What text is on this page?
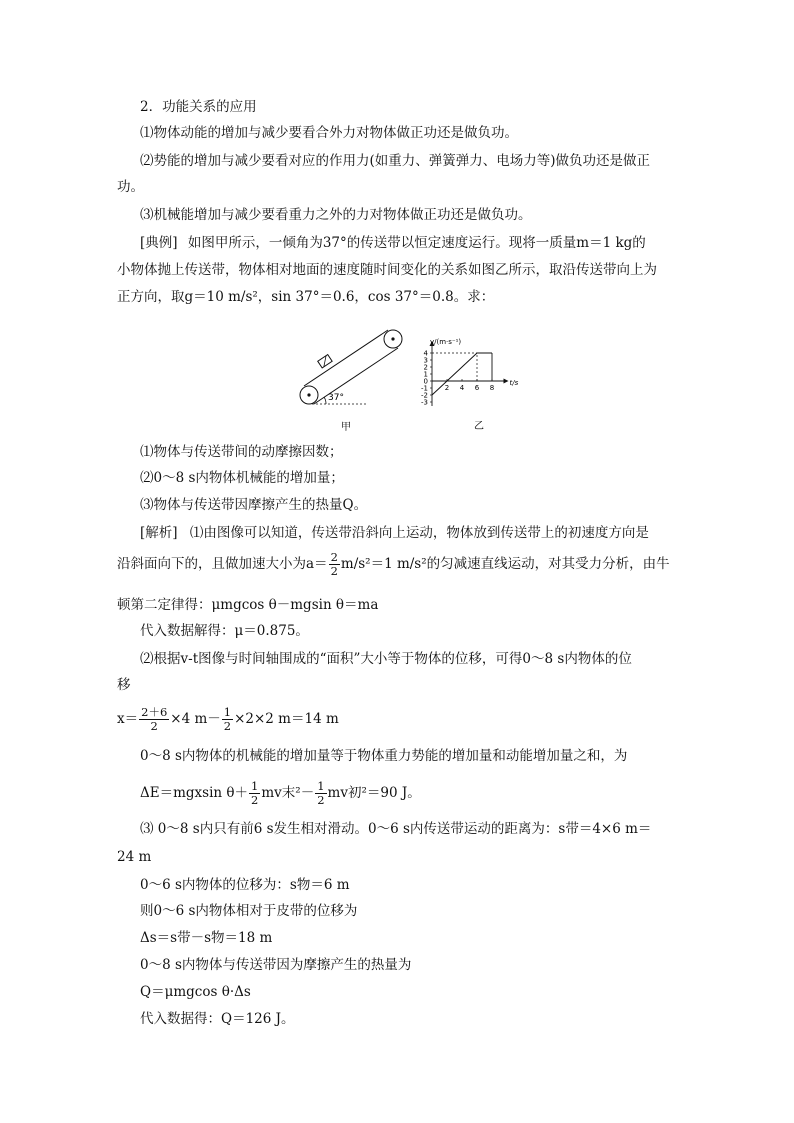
2．功能关系的应用
⑴物体动能的增加与减少要看合外力对物体做正功还是做负功。
⑵势能的增加与减少要看对应的作用力(如重力、弹簧弹力、电场力等)做负功还是做正
功。
⑶机械能增加与减少要看重力之外的力对物体做正功还是做负功。
[典例] 如图甲所示，一倾角为37°的传送带以恒定速度运行。现将一质量m＝1 kg的
小物体抛上传送带，物体相对地面的速度随时间变化的关系如图乙所示，取沿传送带向上为
正方向，取g＝10 m/s²，sin 37°＝0.6，cos 37°＝0.8。求：
37°
甲
v/(m·s⁻¹)
t/s
-3
-2
-1
0
1
2
3
4
2 4 6 8
乙
⑴物体与传送带间的动摩擦因数；
⑵0～8 s内物体机械能的增加量；
⑶物体与传送带因摩擦产生的热量Q。
[解析] ⑴由图像可以知道，传送带沿斜向上运动，物体放到传送带上的初速度方向是
沿斜面向下的，且做加速大小为$a= \frac{2}{2} m/s^2=1$ m/s²的匀减速直线运动，对其受力分析，由牛
顿第二定律得：μmgcos θ－mgsin θ＝ma
代入数据解得：μ＝0.875。
⑵根据v-t图像与时间轴围成的“面积”大小等于物体的位移，可得0～8 s内物体的位
移
$x= \frac{2+6}{2} \times 4$ $m- \frac{1}{2} \times 2\times 2$ m＝14 m
0～8 s内物体的机械能的增加量等于物体重力势能的增加量和动能增加量之和，为
ΔE＝mgxsin $\theta+ \frac{1}{2}$ mv末$^2- \frac{1}{2}$ mv初²＝90 J。
⑶ 0～8 s内只有前6 s发生相对滑动。0～6 s内传送带运动的距离为：s带＝4×6 m＝
24 m
0～6 s内物体的位移为：s物＝6 m
则0～6 s内物体相对于皮带的位移为
Δs＝s带－s物＝18 m
0～8 s内物体与传送带因为摩擦产生的热量为
Q＝μmgcos θ·Δs
代入数据得：Q＝126 J。
